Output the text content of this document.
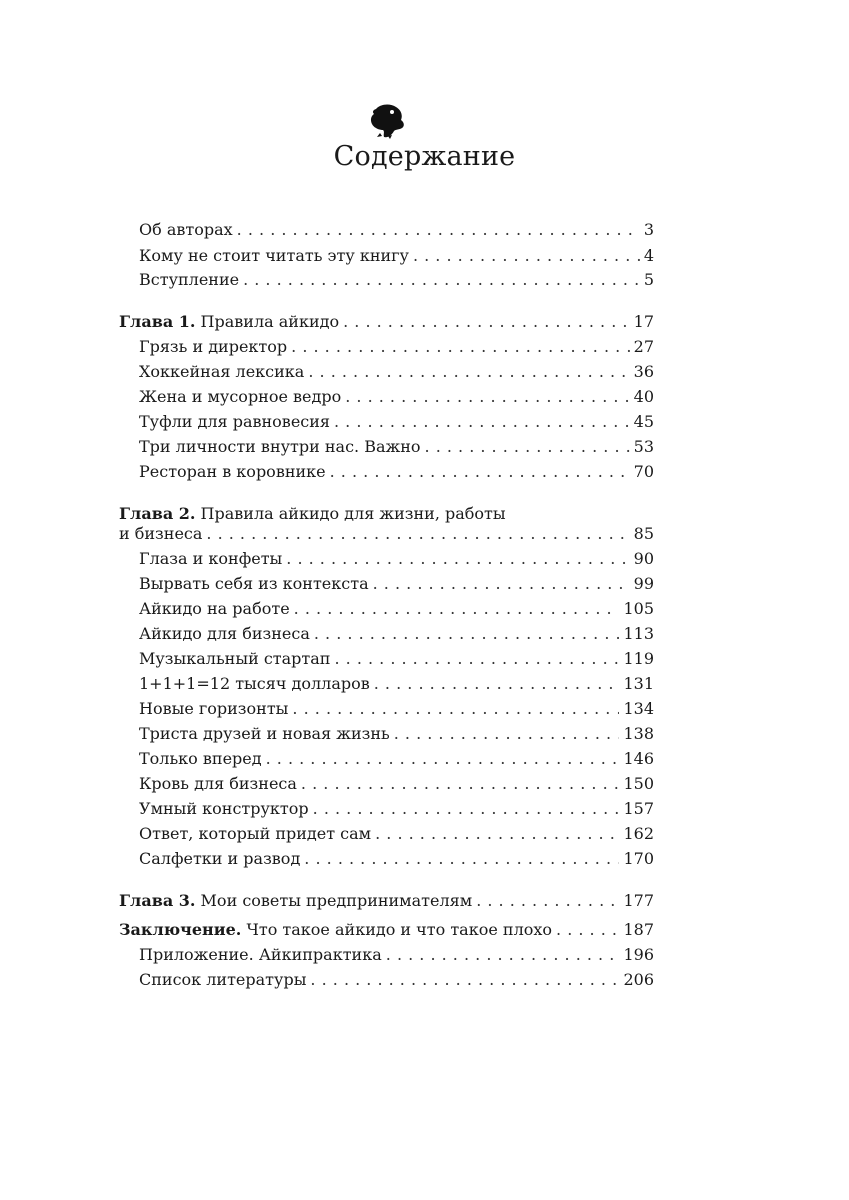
Содержание
Об авторах . . .	3
Кому не стоит читать эту книгу . . .	4
Вступление . . .	5
Глава 1. Правила айкидо . . .	17
Грязь и директор . . .	27
Хоккейная лексика . . .	36
Жена и мусорное ведро . . .	40
Туфли для равновесия . . .	45
Три личности внутри нас. Важно . . .	53
Ресторан в коровнике . . .	70
Глава 2. Правила айкидо для жизни, работы
и бизнеса . . .	85
Глаза и конфеты . . .	90
Вырвать себя из контекста . . .	99
Айкидо на работе . . .	105
Айкидо для бизнеса . . .	113
Музыкальный стартап . . .	119
1+1+1=12 тысяч долларов . . .	131
Новые горизонты . . .	134
Триста друзей и новая жизнь . . .	138
Только вперед . . .	146
Кровь для бизнеса . . .	150
Умный конструктор . . .	157
Ответ, который придет сам . . .	162
Салфетки и развод . . .	170
Глава 3. Мои советы предпринимателям . . .	177
Заключение. Что такое айкидо и что такое плохо . . .	187
Приложение. Айкипрактика . . .	196
Список литературы . . .	206
